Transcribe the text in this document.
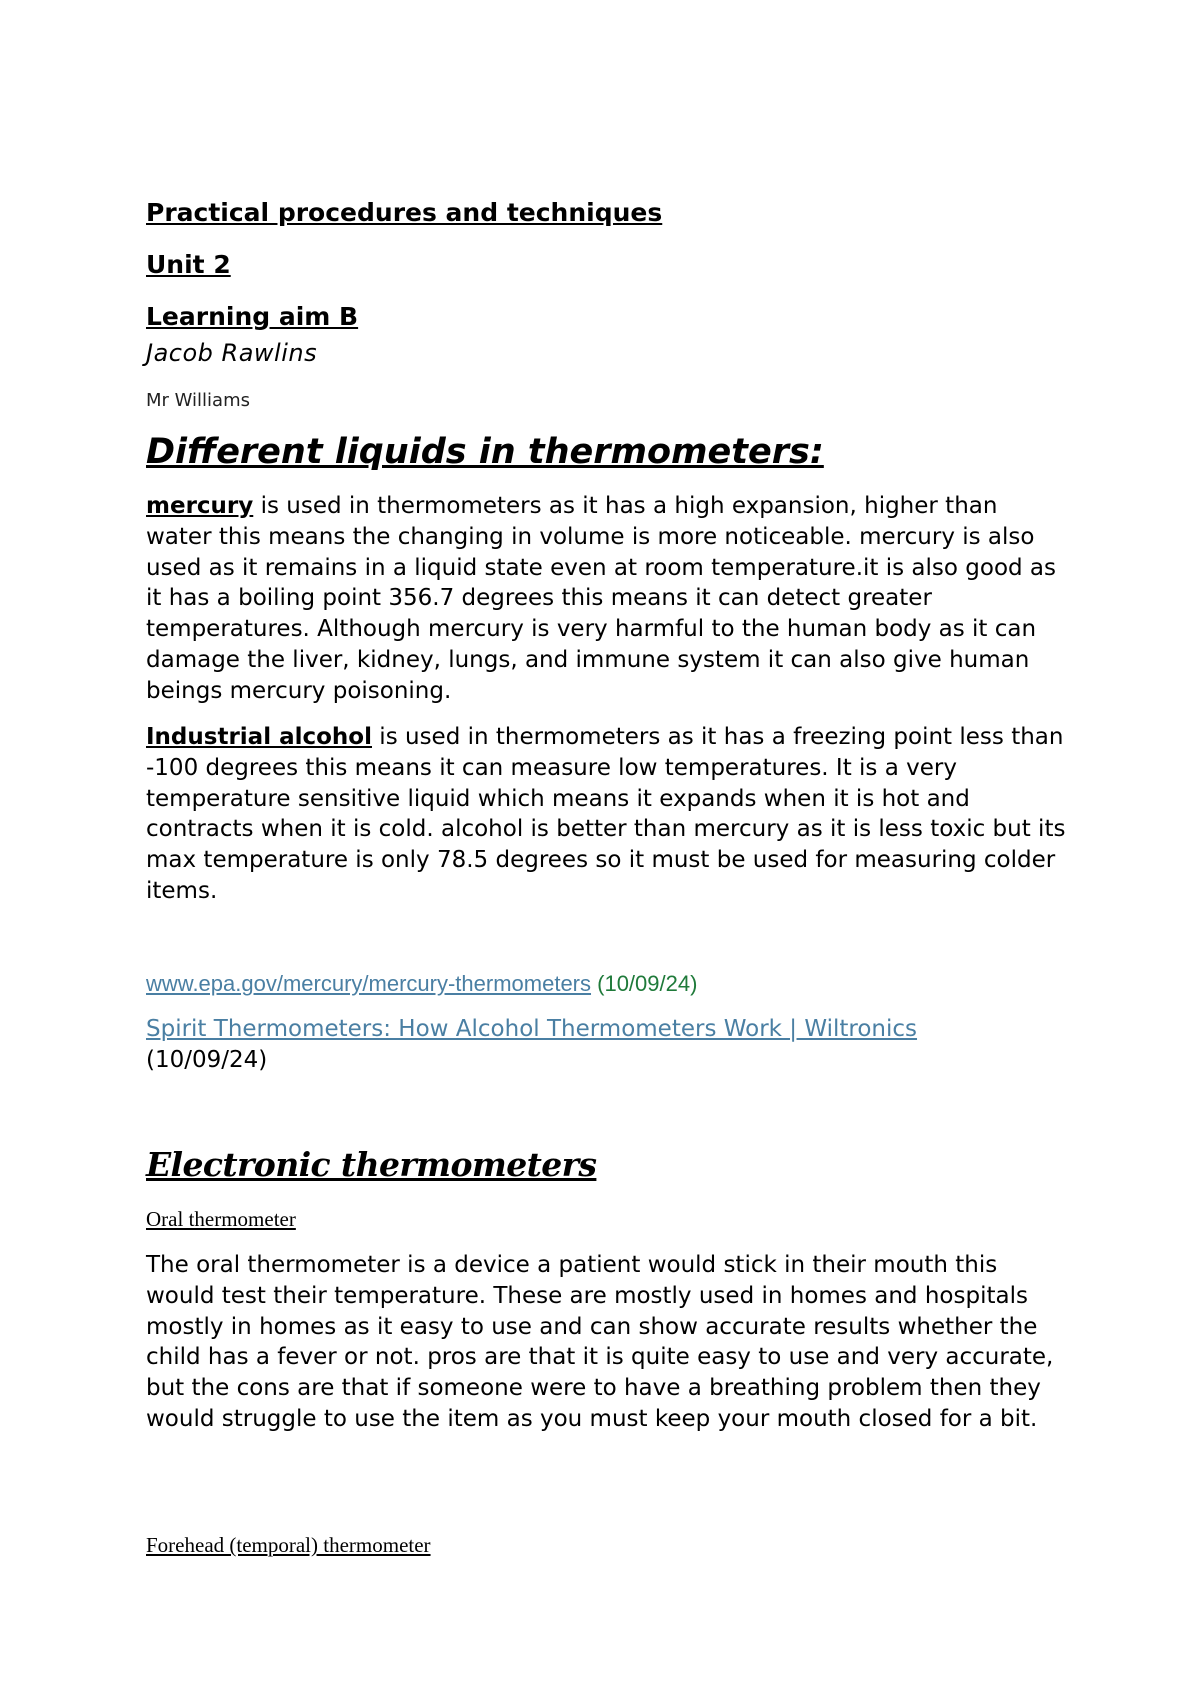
Practical procedures and techniques
Unit 2
Learning aim B
Jacob Rawlins
Mr Williams
Different liquids in thermometers:
mercury is used in thermometers as it has a high expansion, higher than water this means the changing in volume is more noticeable. mercury is also used as it remains in a liquid state even at room temperature.it is also good as it has a boiling point 356.7 degrees this means it can detect greater temperatures. Although mercury is very harmful to the human body as it can damage the liver, kidney, lungs, and immune system it can also give human beings mercury poisoning.
Industrial alcohol is used in thermometers as it has a freezing point less than -100 degrees this means it can measure low temperatures. It is a very temperature sensitive liquid which means it expands when it is hot and contracts when it is cold. alcohol is better than mercury as it is less toxic but its max temperature is only 78.5 degrees so it must be used for measuring colder items.
www.epa.gov/mercury/mercury-thermometers (10/09/24)
Spirit Thermometers: How Alcohol Thermometers Work | Wiltronics
(10/09/24)
Electronic thermometers
Oral thermometer
The oral thermometer is a device a patient would stick in their mouth this would test their temperature. These are mostly used in homes and hospitals mostly in homes as it easy to use and can show accurate results whether the child has a fever or not. pros are that it is quite easy to use and very accurate, but the cons are that if someone were to have a breathing problem then they would struggle to use the item as you must keep your mouth closed for a bit.
Forehead (temporal) thermometer
